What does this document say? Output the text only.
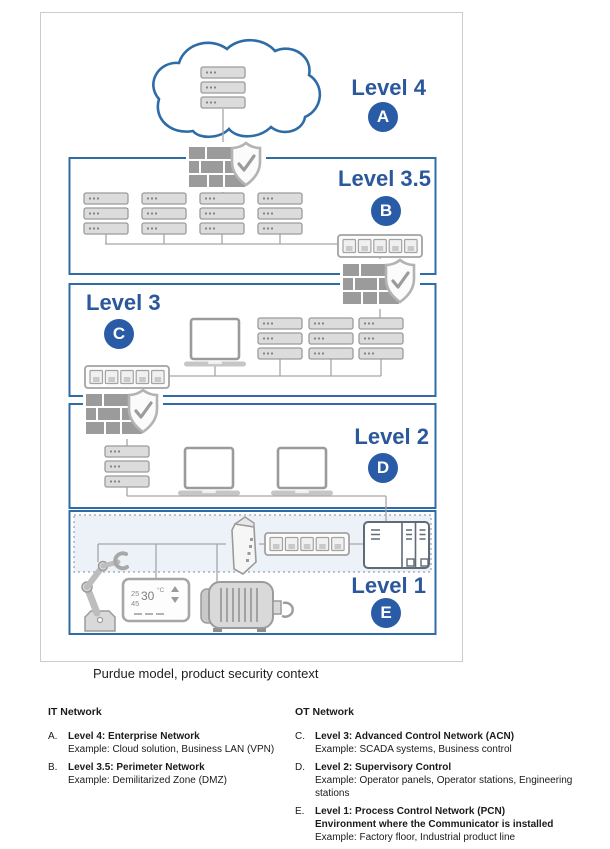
25 30 °C
45
Level 4
A
Level 3.5
B
Level 3
C
Level 2
D
Level 1
E
Purdue model, product security context
IT Network
A.	Level 4: Enterprise Network
Example: Cloud solution, Business LAN (VPN)
B.	Level 3.5: Perimeter Network
Example: Demilitarized Zone (DMZ)
OT Network
C.	Level 3: Advanced Control Network (ACN)
Example: SCADA systems, Business control
D.	Level 2: Supervisory Control
Example: Operator panels, Operator stations, Engineering stations
E.	Level 1: Process Control Network (PCN)
Environment where the Communicator is installed
Example: Factory floor, Industrial product line
